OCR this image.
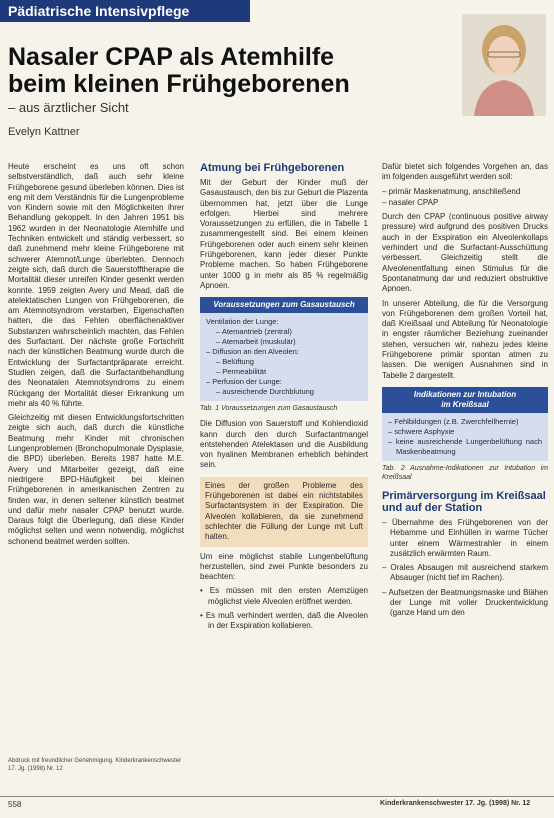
Pädiatrische Intensivpflege
Nasaler CPAP als Atemhilfe
beim kleinen Frühgeborenen
– aus ärztlicher Sicht
Evelyn Kattner

Heute erscheint es uns oft schon selbstverständlich, daß auch sehr kleine Frühgeborene gesund überleben können. Dies ist eng mit dem Verständnis für die Lungenprobleme von Kindern sowie mit den Möglichkeiten ihrer Behandlung gekoppelt. In den Jahren 1951 bis 1962 wurden in der Neonatologie Atemhilfe und Techniken entwickelt und ständig verbessert, so daß zunehmend mehr kleine Frühgeborene mit schwerer Atemnot/Lunge überlebten. Dennoch zeigte sich, daß durch die Sauerstofftherapie die Mortalität dieser unreifen Kinder gesenkt werden konnte. 1959 zeigten Avery und Mead, daß die atelektatischen Lungen von Frühgeborenen, die am Atemnotsyndrom verstarben, Eigenschaften hatten, die das Fehlen oberflächenaktiver Substanzen wahrscheinlich machten, das Fehlen des Surfactant. Der nächste große Fortschritt nach der künstlichen Beatmung wurde durch die Entwicklung der Surfactantpräparate erreicht. Studien zeigen, daß die Surfactantbehandlung des Neonatalen Atemnotsyndroms zu einem Rückgang der Mortalität dieser Erkrankung um mehr als 40 % führte.

Gleichzeitig mit diesen Entwicklungsfortschritten zeigte sich auch, daß durch die künstliche Beatmung mehr Kinder mit chronischen Lungenproblemen (Bronchopulmonale Dysplasie, die BPD) überleben. Bereits 1987 hatte M.E. Avery und Mitarbeiter gezeigt, daß eine niedrigere BPD-Häufigkeit bei kleinen Frühgeborenen in amerikanischen Zentren zu finden war, in denen seltener künstlich beatmet und dafür mehr nasaler CPAP benutzt wurde. Daraus folgt die Überlegung, daß diese Kinder möglichst selten und wenn notwendig, möglichst schonend beatmet werden sollten.

Atmung bei Frühgeborenen

Mit der Geburt der Kinder muß der Gasaustausch, den bis zur Geburt die Plazenta übernommen hat, jetzt über die Lunge erfolgen. Hierbei sind mehrere Voraussetzungen zu erfüllen, die in Tabelle 1 zusammengestellt sind. Bei einem kleinen Frühgeborenen oder auch einem sehr kleinen Frühgeborenen, kann jeder dieser Punkte Probleme machen. So haben Frühgeborene unter 1000 g in mehr als 85 % regelmäßig Apnoen.

Voraussetzungen zum Gasaustausch
Ventilation der Lunge:
– Atemantrieb (zentral)
– Atemarbeit (muskulär)
– Diffusion an den Alveolen:
– Belüftung
– Permeabilität
– Perfusion der Lunge:
– ausreichende Durchblutung
Tab. 1 Voraussetzungen zum Gasaustausch

Die Diffusion von Sauerstoff und Kohlendioxid kann durch den durch Surfactantmangel entstehenden Atelektasen und die Ausbildung von hyalinen Membranen erheblich behindert sein.

Eines der großen Probleme des Frühgeborenen ist dabei ein nichtstabiles Surfactantsystem in der Exspiration. Die Alveolen kollabieren, da sie zunehmend schlechter die Füllung der Lunge mit Luft halten.

Um eine möglichst stabile Lungenbelüftung herzustellen, sind zwei Punkte besonders zu beachten:

• Es müssen mit den ersten Atemzügen möglichst viele Alveolen eröffnet werden.

• Es muß verhindert werden, daß die Alveolen in der Exspiration kollabieren.

Dafür bietet sich folgendes Vorgehen an, das im folgenden ausgeführt werden soll:

– primär Maskenatmung, anschließend

– nasaler CPAP

Durch den CPAP (continuous positive airway pressure) wird aufgrund des positiven Drucks auch in der Exspiration ein Alveolenkollaps verhindert und die Surfactant-Ausschüttung verbessert. Gleichzeitig stellt die Alveolenentfaltung einen Stimulus für die Spontanatmung dar und reduziert obstruktive Apnoen.

In unserer Abteilung, die für die Versorgung von Frühgeborenen dem großen Vorteil hat, daß Kreißsaal und Abteilung für Neonatologie in engster räumlicher Beziehung zueinander stehen, versuchen wir, nahezu jedes kleine Frühgeborene primär spontan atmen zu lassen. Die wenigen Ausnahmen sind in Tabelle 2 dargestellt.

Indikationen zur Intubation
im Kreißsaal
– Fehlbildungen (z.B. Zwerchfellhernie)
– schwere Asphyxie
– keine ausreichende Lungenbelüftung nach Maskenbeatmung
Tab. 2 Ausnahme-Indikationen zur Intubation im Kreißsaal
Primärversorgung im Kreißsaal
und auf der Station

– Übernahme des Frühgeborenen von der Hebamme und Einhüllen in warme Tücher unter einem Wärmestrahler in einem zusätzlich erwärmten Raum.

– Orales Absaugen mit ausreichend starkem Absauger (nicht tief im Rachen).

– Aufsetzen der Beatmungsmaske und Blähen der Lunge mit voller Druckentwicklung (ganze Hand um den

Abdruck mit freundlicher Genehmigung. Kinderkrankenschwester 17. Jg. (1998) Nr. 12
558	Kinderkrankenschwester 17. Jg. (1998) Nr. 12
